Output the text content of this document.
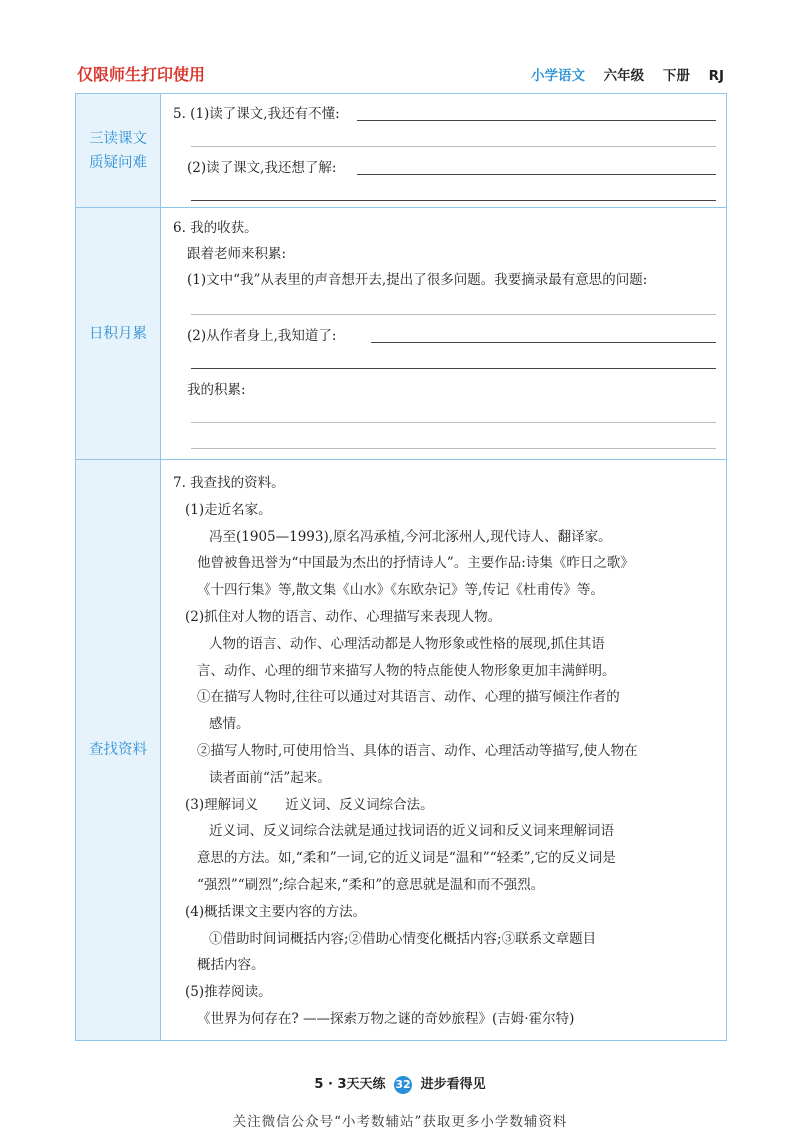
仅限师生打印使用	小学语文 六年级 下册 RJ
三读课文
质疑问难
5. (1)读了课文,我还有不懂:
(2)读了课文,我还想了解:
日积月累
6. 我的收获。
跟着老师来积累:
(1)文中“我”从表里的声音想开去,提出了很多问题。我要摘录最有意思的问题:
(2)从作者身上,我知道了:
我的积累:
查找资料
7. 我查找的资料。
(1)走近名家。
冯至(1905—1993),原名冯承植,今河北涿州人,现代诗人、翻译家。
他曾被鲁迅誉为“中国最为杰出的抒情诗人”。主要作品:诗集《昨日之歌》
《十四行集》等,散文集《山水》《东欧杂记》等,传记《杜甫传》等。
(2)抓住对人物的语言、动作、心理描写来表现人物。
人物的语言、动作、心理活动都是人物形象或性格的展现,抓住其语
言、动作、心理的细节来描写人物的特点能使人物形象更加丰满鲜明。
①在描写人物时,往往可以通过对其语言、动作、心理的描写倾注作者的
感情。
②描写人物时,可使用恰当、具体的语言、动作、心理活动等描写,使人物在
读者面前“活”起来。
(3)理解词义　　近义词、反义词综合法。
近义词、反义词综合法就是通过找词语的近义词和反义词来理解词语
意思的方法。如,“柔和”一词,它的近义词是“温和”“轻柔”,它的反义词是
“强烈”“刷烈”;综合起来,“柔和”的意思就是温和而不强烈。
(4)概括课文主要内容的方法。
①借助时间词概括内容;②借助心情变化概括内容;③联系文章题目
概括内容。
(5)推荐阅读。
《世界为何存在? ——探索万物之谜的奇妙旅程》(吉姆·霍尔特)
5 · 3天天练 32 进步看得见
关注微信公众号“小考数辅站”获取更多小学数辅资料
